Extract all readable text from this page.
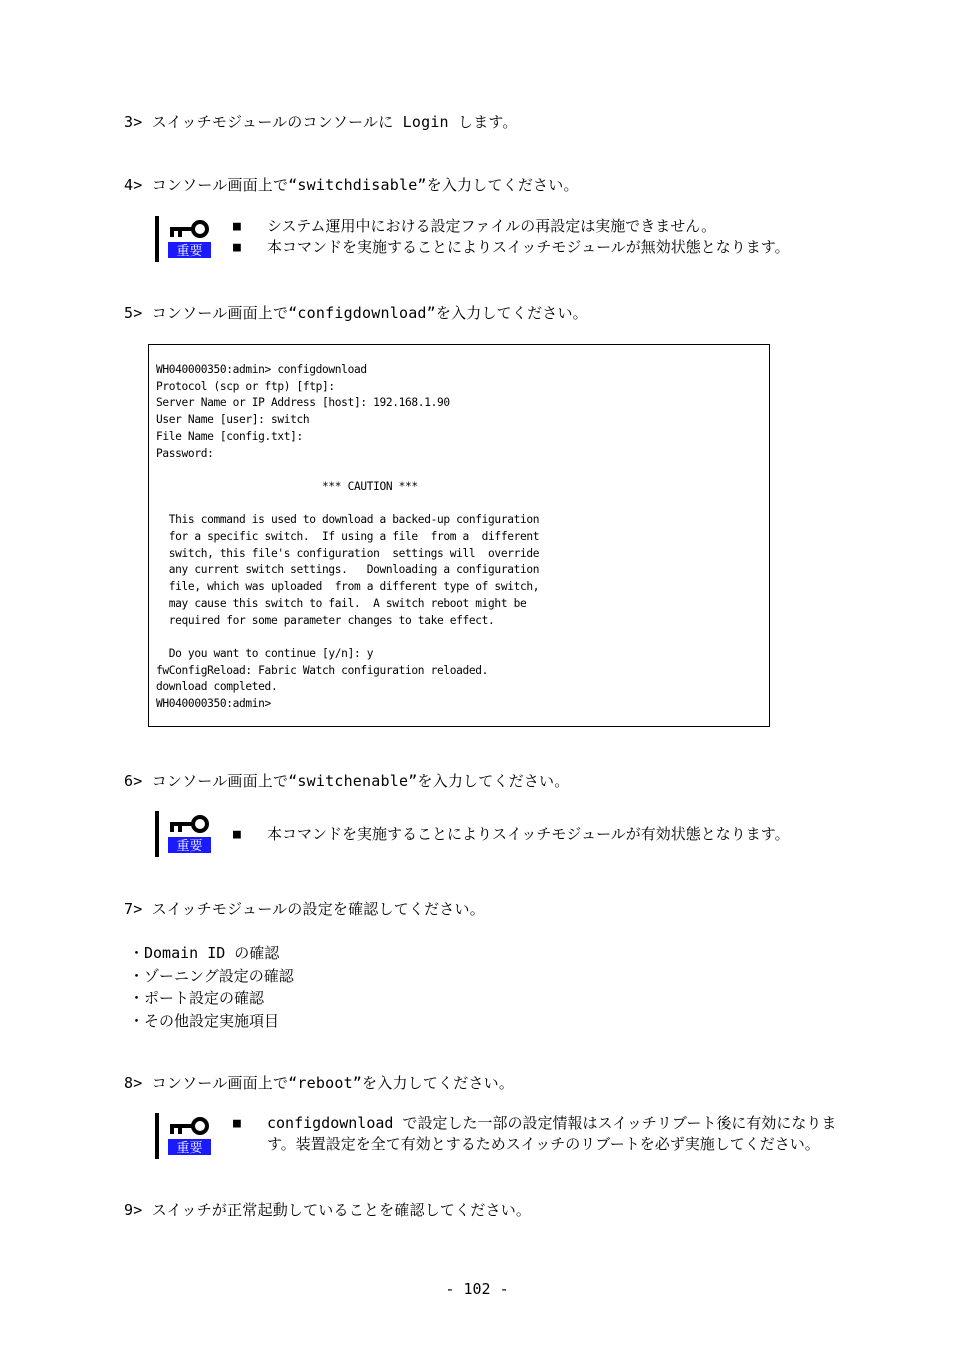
3> スイッチモジュールのコンソールに Login します。
4> コンソール画面上で“switchdisable”を入力してください。
重要
■ システム運用中における設定ファイルの再設定は実施できません。
■ 本コマンドを実施することによりスイッチモジュールが無効状態となります。
5> コンソール画面上で“configdownload”を入力してください。
WH040000350:admin> configdownload
Protocol (scp or ftp) [ftp]:
Server Name or IP Address [host]: 192.168.1.90
User Name [user]: switch
File Name [config.txt]:
Password:

*** CAUTION ***

This command is used to download a backed-up configuration
for a specific switch.  If using a file  from a  different
switch, this file's configuration  settings will  override
any current switch settings.   Downloading a configuration
file, which was uploaded  from a different type of switch,
may cause this switch to fail.  A switch reboot might be
required for some parameter changes to take effect.

Do you want to continue [y/n]: y
fwConfigReload: Fabric Watch configuration reloaded.
download completed.
WH040000350:admin>
6> コンソール画面上で“switchenable”を入力してください。
重要
■ 本コマンドを実施することによりスイッチモジュールが有効状態となります。
7> スイッチモジュールの設定を確認してください。
・Domain ID の確認
・ゾーニング設定の確認
・ポート設定の確認
・その他設定実施項目
8> コンソール画面上で“reboot”を入力してください。
重要
■ configdownload で設定した一部の設定情報はスイッチリブート後に有効になりま
す。装置設定を全て有効とするためスイッチのリブートを必ず実施してください。
9> スイッチが正常起動していることを確認してください。
- 102 -
